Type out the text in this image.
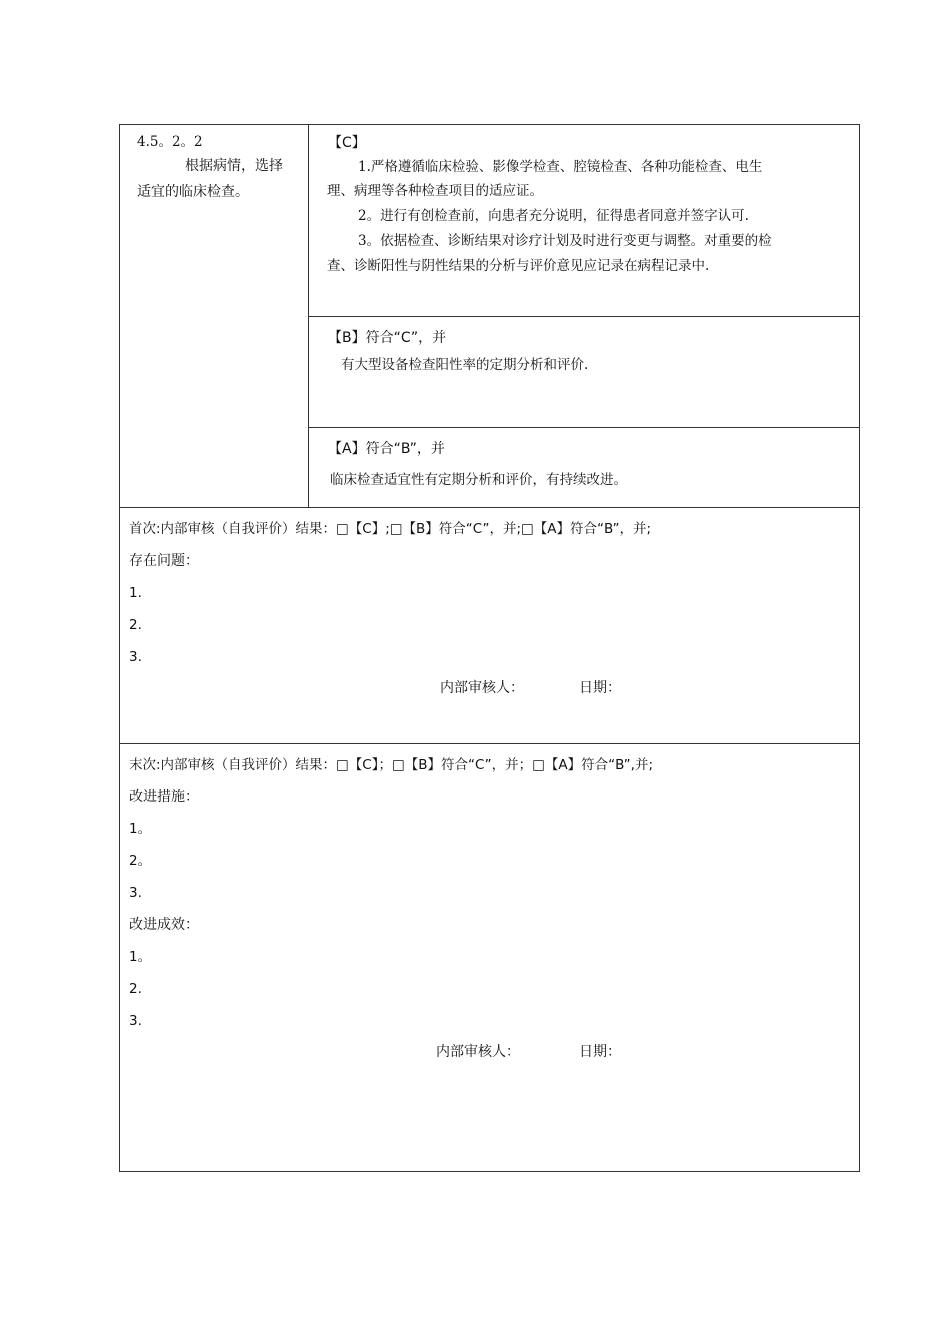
4.5。2。2
根据病情，选择
适宜的临床检查。
【C】
1.严格遵循临床检验、影像学检查、腔镜检查、各种功能检查、电生
理、病理等各种检查项目的适应证。
2。进行有创检查前，向患者充分说明，征得患者同意并签字认可.
3。依据检查、诊断结果对诊疗计划及时进行变更与调整。对重要的检
查、诊断阳性与阴性结果的分析与评价意见应记录在病程记录中.
【B】符合“C”，并
有大型设备检查阳性率的定期分析和评价.
【A】符合“B”，并
临床检查适宜性有定期分析和评价，有持续改进。
首次:内部审核（自我评价）结果：□【C】;□【B】符合“C”，并;□【A】符合“B”，并;
存在问题：
1.
2.
3.
内部审核人：	日期：
末次:内部审核（自我评价）结果：□【C】；□【B】符合“C”，并；□【A】符合“B”,并;
改进措施：
1。
2。
3.
改进成效：
1。
2.
3.
内部审核人：	日期：
